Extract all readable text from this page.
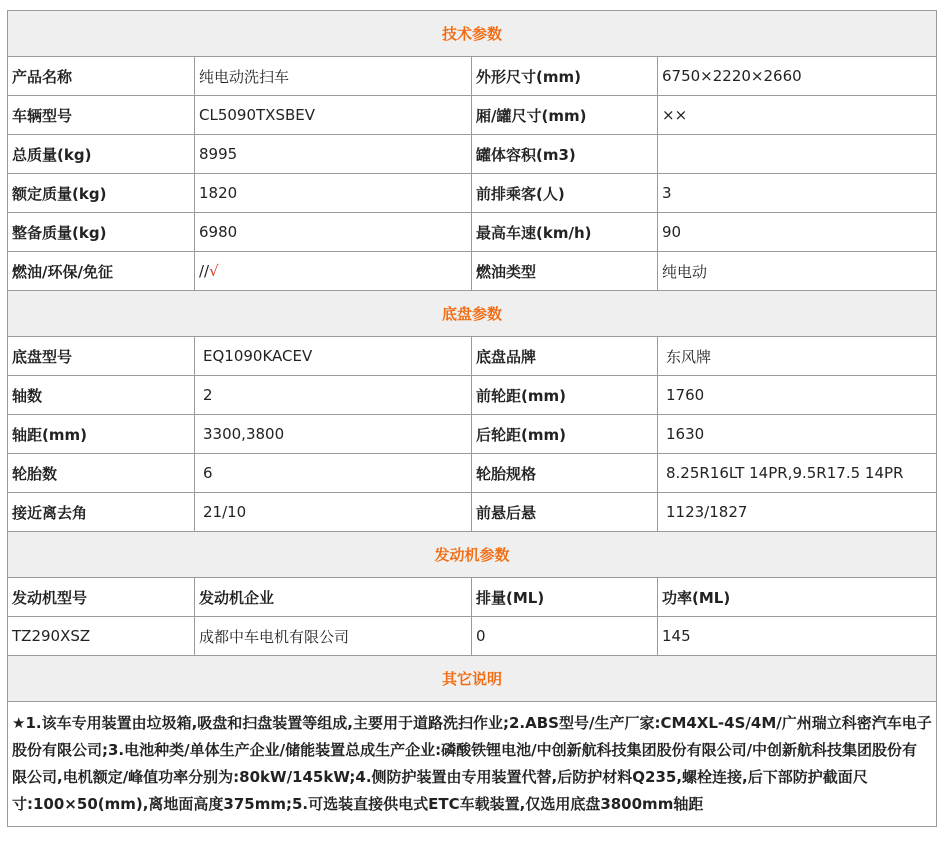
技术参数			
产品名称	纯电动洗扫车	外形尺寸(mm)	6750×2220×2660
车辆型号	CL5090TXSBEV	厢/罐尺寸(mm)	××
总质量(kg)	8995	罐体容积(m3)	
额定质量(kg)	1820	前排乘客(人)	3
整备质量(kg)	6980	最高车速(km/h)	90
燃油/环保/免征	//√	燃油类型	纯电动
底盘参数			
底盘型号	EQ1090KACEV	底盘品牌	东风牌
轴数	2	前轮距(mm)	1760
轴距(mm)	3300,3800	后轮距(mm)	1630
轮胎数	6	轮胎规格	8.25R16LT 14PR,9.5R17.5 14PR
接近离去角	21/10	前悬后悬	1123/1827
发动机参数			
发动机型号	发动机企业	排量(ML)	功率(ML)
TZ290XSZ	成都中车电机有限公司	0	145
其它说明			
★1.该车专用装置由垃圾箱,吸盘和扫盘装置等组成,主要用于道路洗扫作业;2.ABS型号/生产厂家:CM4XL-4S/4M/广州瑞立科密汽车电子股份有限公司;3.电池种类/单体生产企业/储能装置总成生产企业:磷酸铁锂电池/中创新航科技集团股份有限公司/中创新航科技集团股份有限公司,电机额定/峰值功率分别为:80kW/145kW;4.侧防护装置由专用装置代替,后防护材料Q235,螺栓连接,后下部防护截面尺寸:100×50(mm),离地面高度375mm;5.可选装直接供电式ETC车载装置,仅选用底盘3800mm轴距			
